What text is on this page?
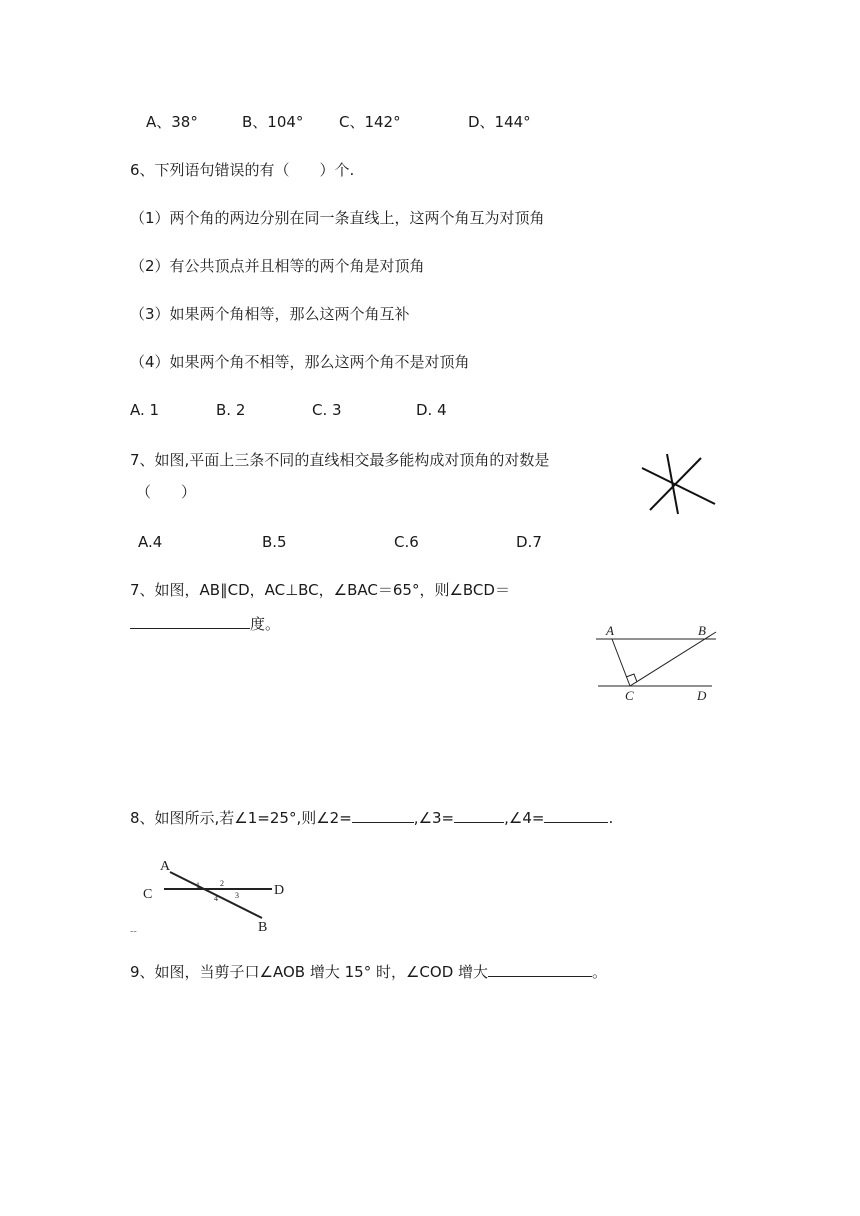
A、38°	B、104° C、142°	D、144°
6、下列语句错误的有（　　）个.
（1）两个角的两边分别在同一条直线上，这两个角互为对顶角
（2）有公共顶点并且相等的两个角是对顶角
（3）如果两个角相等，那么这两个角互补
（4）如果两个角不相等，那么这两个角不是对顶角
A. 1	B. 2	C. 3	D. 4
7、如图,平面上三条不同的直线相交最多能构成对顶角的对数是
（　　）
A.4	B.5	C.6	D.7
7、如图，AB∥CD，AC⊥BC，∠BAC＝65°，则∠BCD＝
度。	A	B
C	D
8、如图所示,若∠1=25°,则∠2=	,∠3=	,∠4=	.
A
C	D
B
1	2
3
4
--
9、如图，当剪子口∠AOB 增大 15° 时，∠COD 增大	。
